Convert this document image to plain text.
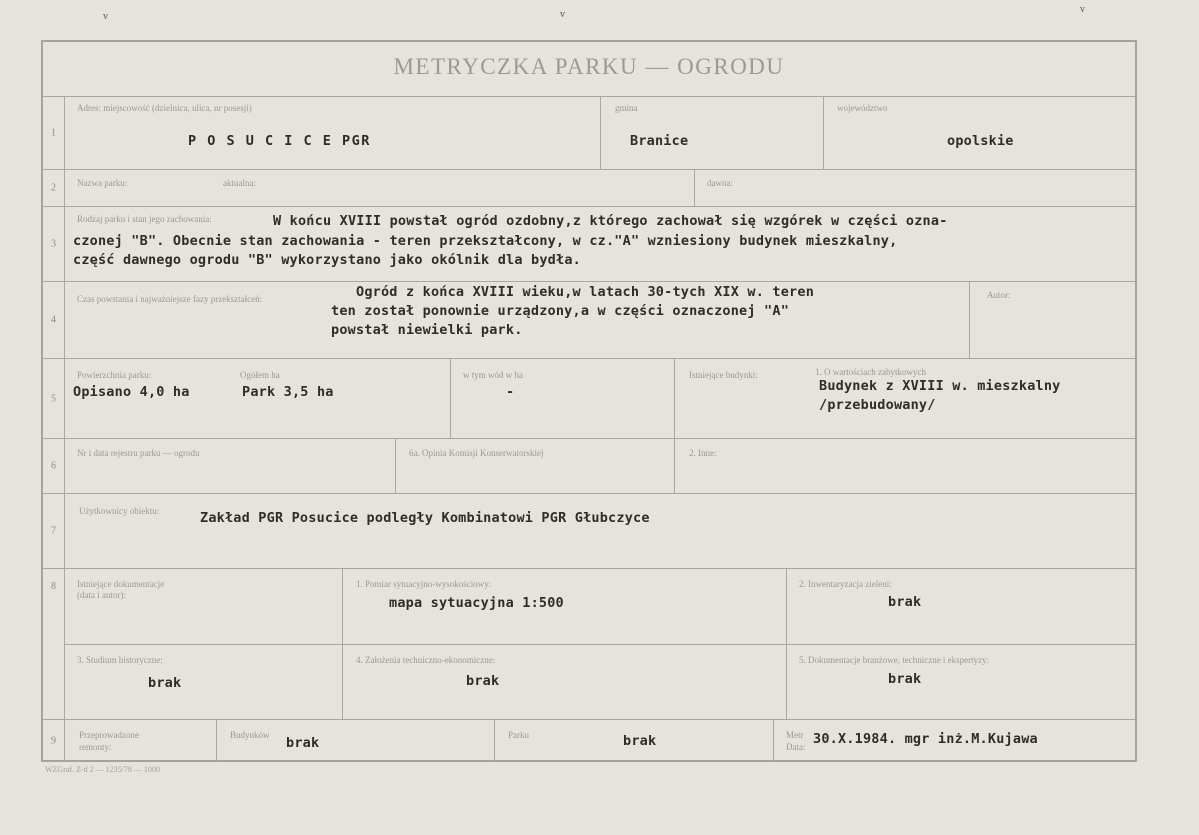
v	v	v
METRYCZKA PARKU — OGRODU
1
Adres: miejscowość (dzielnica, ulica, nr posesji)
P O S U C I C E PGR
gmina
Branice
województwo
opolskie
2	Nazwa parku:	aktualna:	dawna:
3
Rodzaj parku i stan jego zachowania:	W końcu XVIII powstał ogród ozdobny,z którego zachował się wzgórek w części ozna-
czonej "B". Obecnie stan zachowania - teren przekształcony, w cz."A" wzniesiony budynek mieszkalny,
część dawnego ogrodu "B" wykorzystano jako okólnik dla bydła.
4
Czas powstania i najważniejsze fazy przekształceń:	Ogród z końca XVIII wieku,w latach 30-tych XIX w. teren
ten został ponownie urządzony,a w części oznaczonej "A"
powstał niewielki park.
Autor:
5
Powierzchnia parku:	Ogółem ha
Opisano 4,0 ha	Park 3,5 ha
w tym wód w ha
-
Istniejące budynki:	1. O wartościach zabytkowych
Budynek z XVIII w. mieszkalny
/przebudowany/
6
Nr i data rejestru parku — ogrodu	6a. Opinia Komisji Konserwatorskiej	2. Inne:
7
Użytkownicy obiektu:	Zakład PGR Posucice podległy Kombinatowi PGR Głubczyce
8	Istniejące dokumentacje
(data i autor):
1. Pomiar sytuacyjno-wysokościowy:
mapa sytuacyjna 1:500
2. Inwentaryzacja zieleni:
brak
3. Studium historyczne:
brak
4. Założenia techniczno-ekonomiczne:
brak
5. Dokumentacje branżowe, techniczne i ekspertyzy:
brak
9
Przeprowadzone
remonty:
Budynków brak	Parku	brak	Metr
Data: 30.X.1984. mgr inż.M.Kujawa
WZGraf. Z-d 2 — 1235/78 — 1000
